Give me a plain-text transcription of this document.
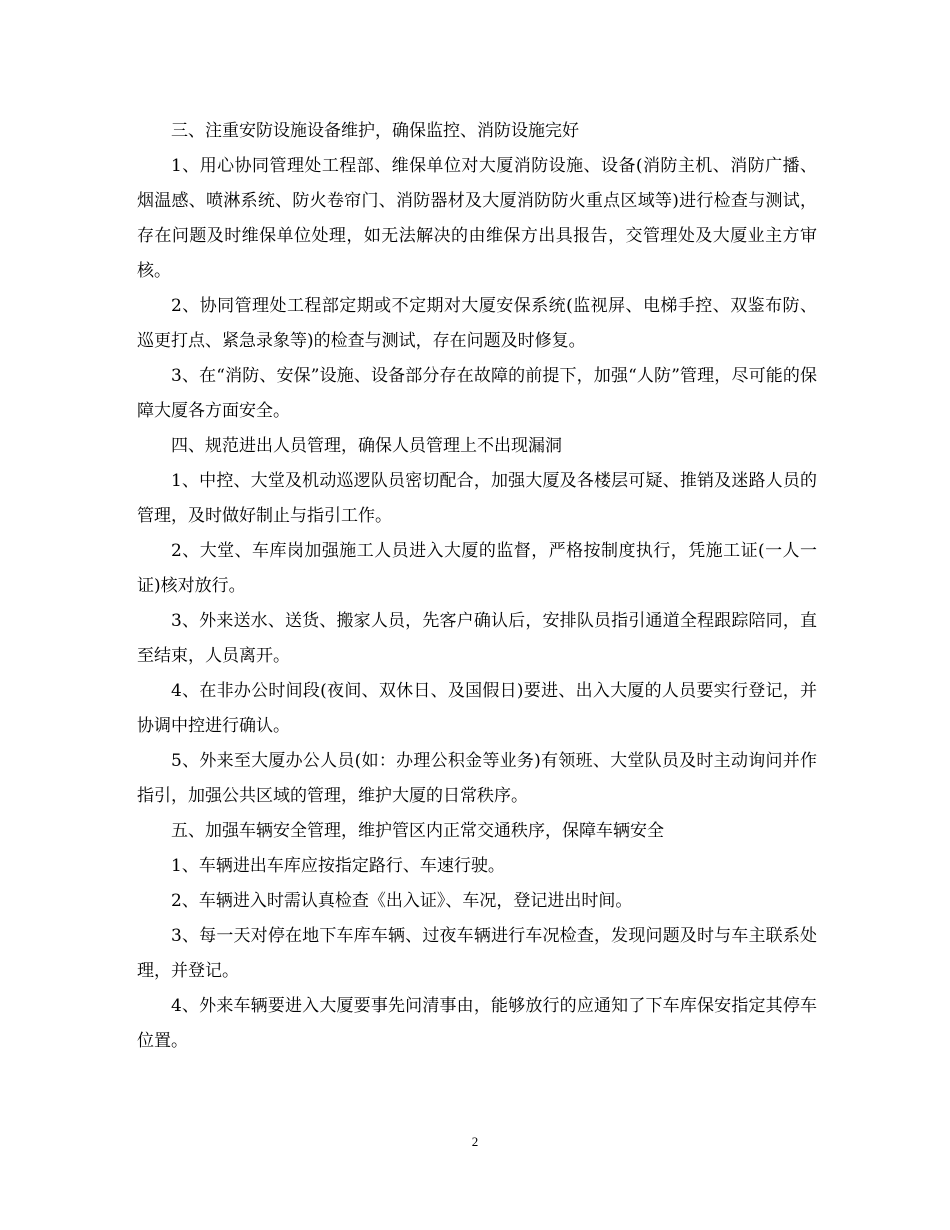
三、注重安防设施设备维护，确保监控、消防设施完好

1、用心协同管理处工程部、维保单位对大厦消防设施、设备(消防主机、消防广播、烟温感、喷淋系统、防火卷帘门、消防器材及大厦消防防火重点区域等)进行检查与测试，存在问题及时维保单位处理，如无法解决的由维保方出具报告，交管理处及大厦业主方审核。

2、协同管理处工程部定期或不定期对大厦安保系统(监视屏、电梯手控、双鉴布防、巡更打点、紧急录象等)的检查与测试，存在问题及时修复。

3、在“消防、安保”设施、设备部分存在故障的前提下，加强“人防”管理，尽可能的保障大厦各方面安全。

四、规范进出人员管理，确保人员管理上不出现漏洞

1、中控、大堂及机动巡逻队员密切配合，加强大厦及各楼层可疑、推销及迷路人员的管理，及时做好制止与指引工作。

2、大堂、车库岗加强施工人员进入大厦的监督，严格按制度执行，凭施工证(一人一证)核对放行。

3、外来送水、送货、搬家人员，先客户确认后，安排队员指引通道全程跟踪陪同，直至结束，人员离开。

4、在非办公时间段(夜间、双休日、及国假日)要进、出入大厦的人员要实行登记，并协调中控进行确认。

5、外来至大厦办公人员(如：办理公积金等业务)有领班、大堂队员及时主动询问并作指引，加强公共区域的管理，维护大厦的日常秩序。

五、加强车辆安全管理，维护管区内正常交通秩序，保障车辆安全

1、车辆进出车库应按指定路行、车速行驶。

2、车辆进入时需认真检查《出入证》、车况，登记进出时间。

3、每一天对停在地下车库车辆、过夜车辆进行车况检查，发现问题及时与车主联系处理，并登记。

4、外来车辆要进入大厦要事先问清事由，能够放行的应通知了下车库保安指定其停车位置。

2
